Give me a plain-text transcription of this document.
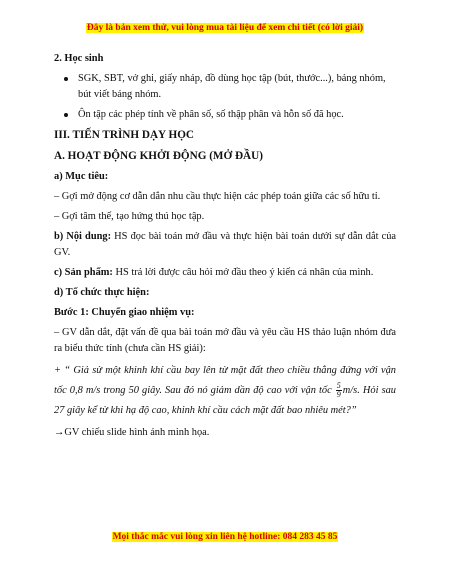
Đây là bản xem thử, vui lòng mua tài liệu để xem chi tiết (có lời giải)

2. Học sinh

SGK, SBT, vở ghi, giấy nháp, đồ dùng học tập (bút, thước...), bảng nhóm, bút viết bảng nhóm.
Ôn tập các phép tính về phân số, số thập phân và hỗn số đã học.

III. TIẾN TRÌNH DẠY HỌC

A. HOẠT ĐỘNG KHỞI ĐỘNG (MỞ ĐẦU)

a) Mục tiêu:

– Gợi mở động cơ dẫn dắn nhu cầu thực hiện các phép toán giữa các số hữu tỉ.

– Gợi tâm thế, tạo hứng thú học tập.

b) Nội dung: HS đọc bài toán mở đầu và thực hiện bài toán dưới sự dẫn dắt của GV.

c) Sản phẩm: HS trả lời được câu hỏi mở đầu theo ý kiến cá nhân của mình.

d) Tổ chức thực hiện:

Bước 1: Chuyển giao nhiệm vụ:

– GV dẫn dắt, đặt vấn đề qua bài toán mở đầu và yêu cầu HS thảo luận nhóm đưa ra biểu thức tính (chưa cần HS giải):

+ “ Giả sử một khinh khí cầu bay lên từ mặt đất theo chiều thẳng đứng với vận tốc 0,8 m/s trong 50 giây. Sau đó nó giảm dần độ cao với vận tốc $\frac{5}{9} m/s$. Hỏi sau 27 giây kể từ khi hạ độ cao, khinh khí cầu cách mặt đất bao nhiêu mét?”

→GV chiếu slide hình ảnh minh họa.

Mọi thắc mắc vui lòng xin liên hệ hotline: 084 283 45 85
